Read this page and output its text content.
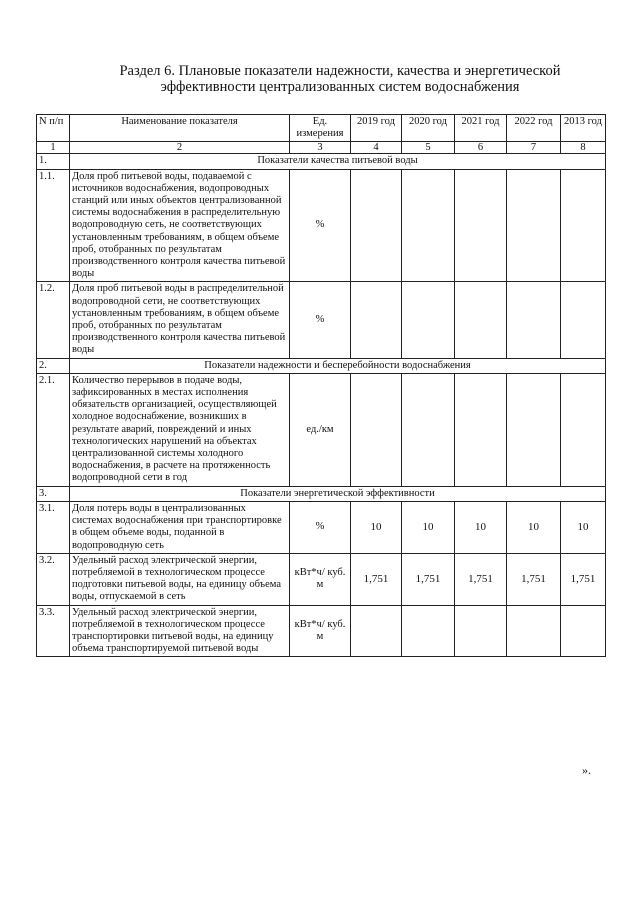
Раздел 6. Плановые показатели надежности, качества и энергетической
эффективности централизованных систем водоснабжения
N п/п	Наименование показателя	Ед. измерения	2019 год	2020 год	2021 год	2022 год	2013 год
1	2	3	4	5	6	7	8
1.	Показатели качества питьевой воды						
1.1.	Доля проб питьевой воды, подаваемой с источников водоснабжения, водопроводных станций или иных объектов централизованной системы водоснабжения в распределительную водопроводную сеть, не соответствующих установленным требованиям, в общем объеме проб, отобранных по результатам производственного контроля качества питьевой воды	%					
1.2.	Доля проб питьевой воды в распределительной водопроводной сети, не соответствующих установленным требованиям, в общем объеме проб, отобранных по результатам производственного контроля качества питьевой воды	%					
2.	Показатели надежности и бесперебойности водоснабжения						
2.1.	Количество перерывов в подаче воды, зафиксированных в местах исполнения обязательств организацией, осуществляющей холодное водоснабжение, возникших в результате аварий, повреждений и иных технологических нарушений на объектах централизованной системы холодного водоснабжения, в расчете на протяженность водопроводной сети в год	ед./км					
3.	Показатели энергетической эффективности						
3.1.	Доля потерь воды в централизованных системах водоснабжения при транспортировке в общем объеме воды, поданной в водопроводную сеть	%	10	10	10	10	10
3.2.	Удельный расход электрической энергии, потребляемой в технологическом процессе подготовки питьевой воды, на единицу объема воды, отпускаемой в сеть	кВт*ч/ куб. м	1,751	1,751	1,751	1,751	1,751
3.3.	Удельный расход электрической энергии, потребляемой в технологическом процессе транспортировки питьевой воды, на единицу объема транспортируемой питьевой воды	кВт*ч/ куб. м					
».
